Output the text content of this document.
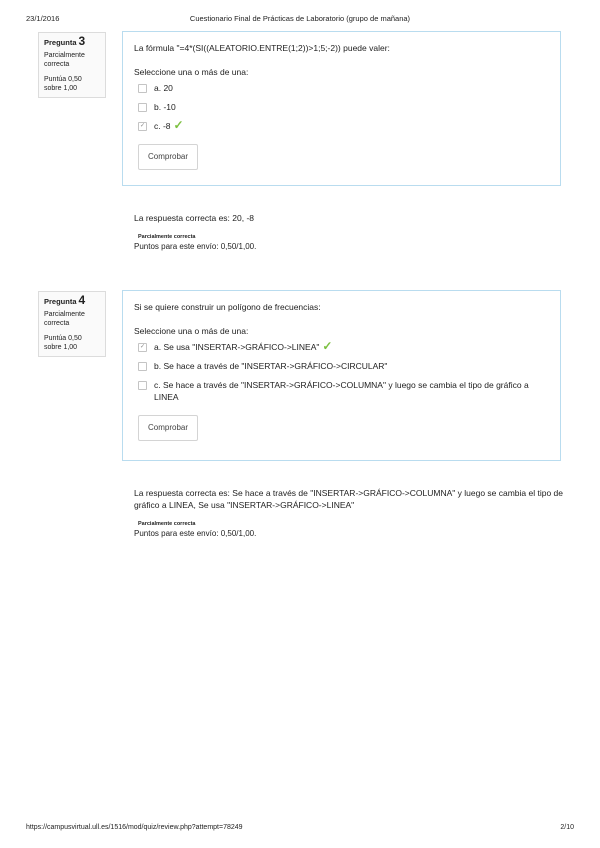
23/1/2016	Cuestionario Final de Prácticas de Laboratorio (grupo de mañana)
Pregunta 3
Parcialmente correcta
Puntúa 0,50 sobre 1,00
La fórmula "=4*(SI((ALEATORIO.ENTRE(1;2))>1;5;-2)) puede valer:
Seleccione una o más de una:
a. 20
b. -10
✓ c. -8 ✓
Comprobar
La respuesta correcta es: 20, -8
Parcialmente correcta
Puntos para este envío: 0,50/1,00.
Pregunta 4
Parcialmente correcta
Puntúa 0,50 sobre 1,00
Si se quiere construir un polígono de frecuencias:
Seleccione una o más de una:
✓ a. Se usa "INSERTAR->GRÁFICO->LINEA" ✓
b. Se hace a través de "INSERTAR->GRÁFICO->CIRCULAR"
c. Se hace a través de "INSERTAR->GRÁFICO->COLUMNA" y luego se cambia el tipo de gráfico a LINEA
Comprobar
La respuesta correcta es: Se hace a través de "INSERTAR->GRÁFICO->COLUMNA" y luego se cambia el tipo de gráfico a LINEA, Se usa "INSERTAR->GRÁFICO->LINEA"
Parcialmente correcta
Puntos para este envío: 0,50/1,00.
https://campusvirtual.ull.es/1516/mod/quiz/review.php?attempt=78249	2/10
